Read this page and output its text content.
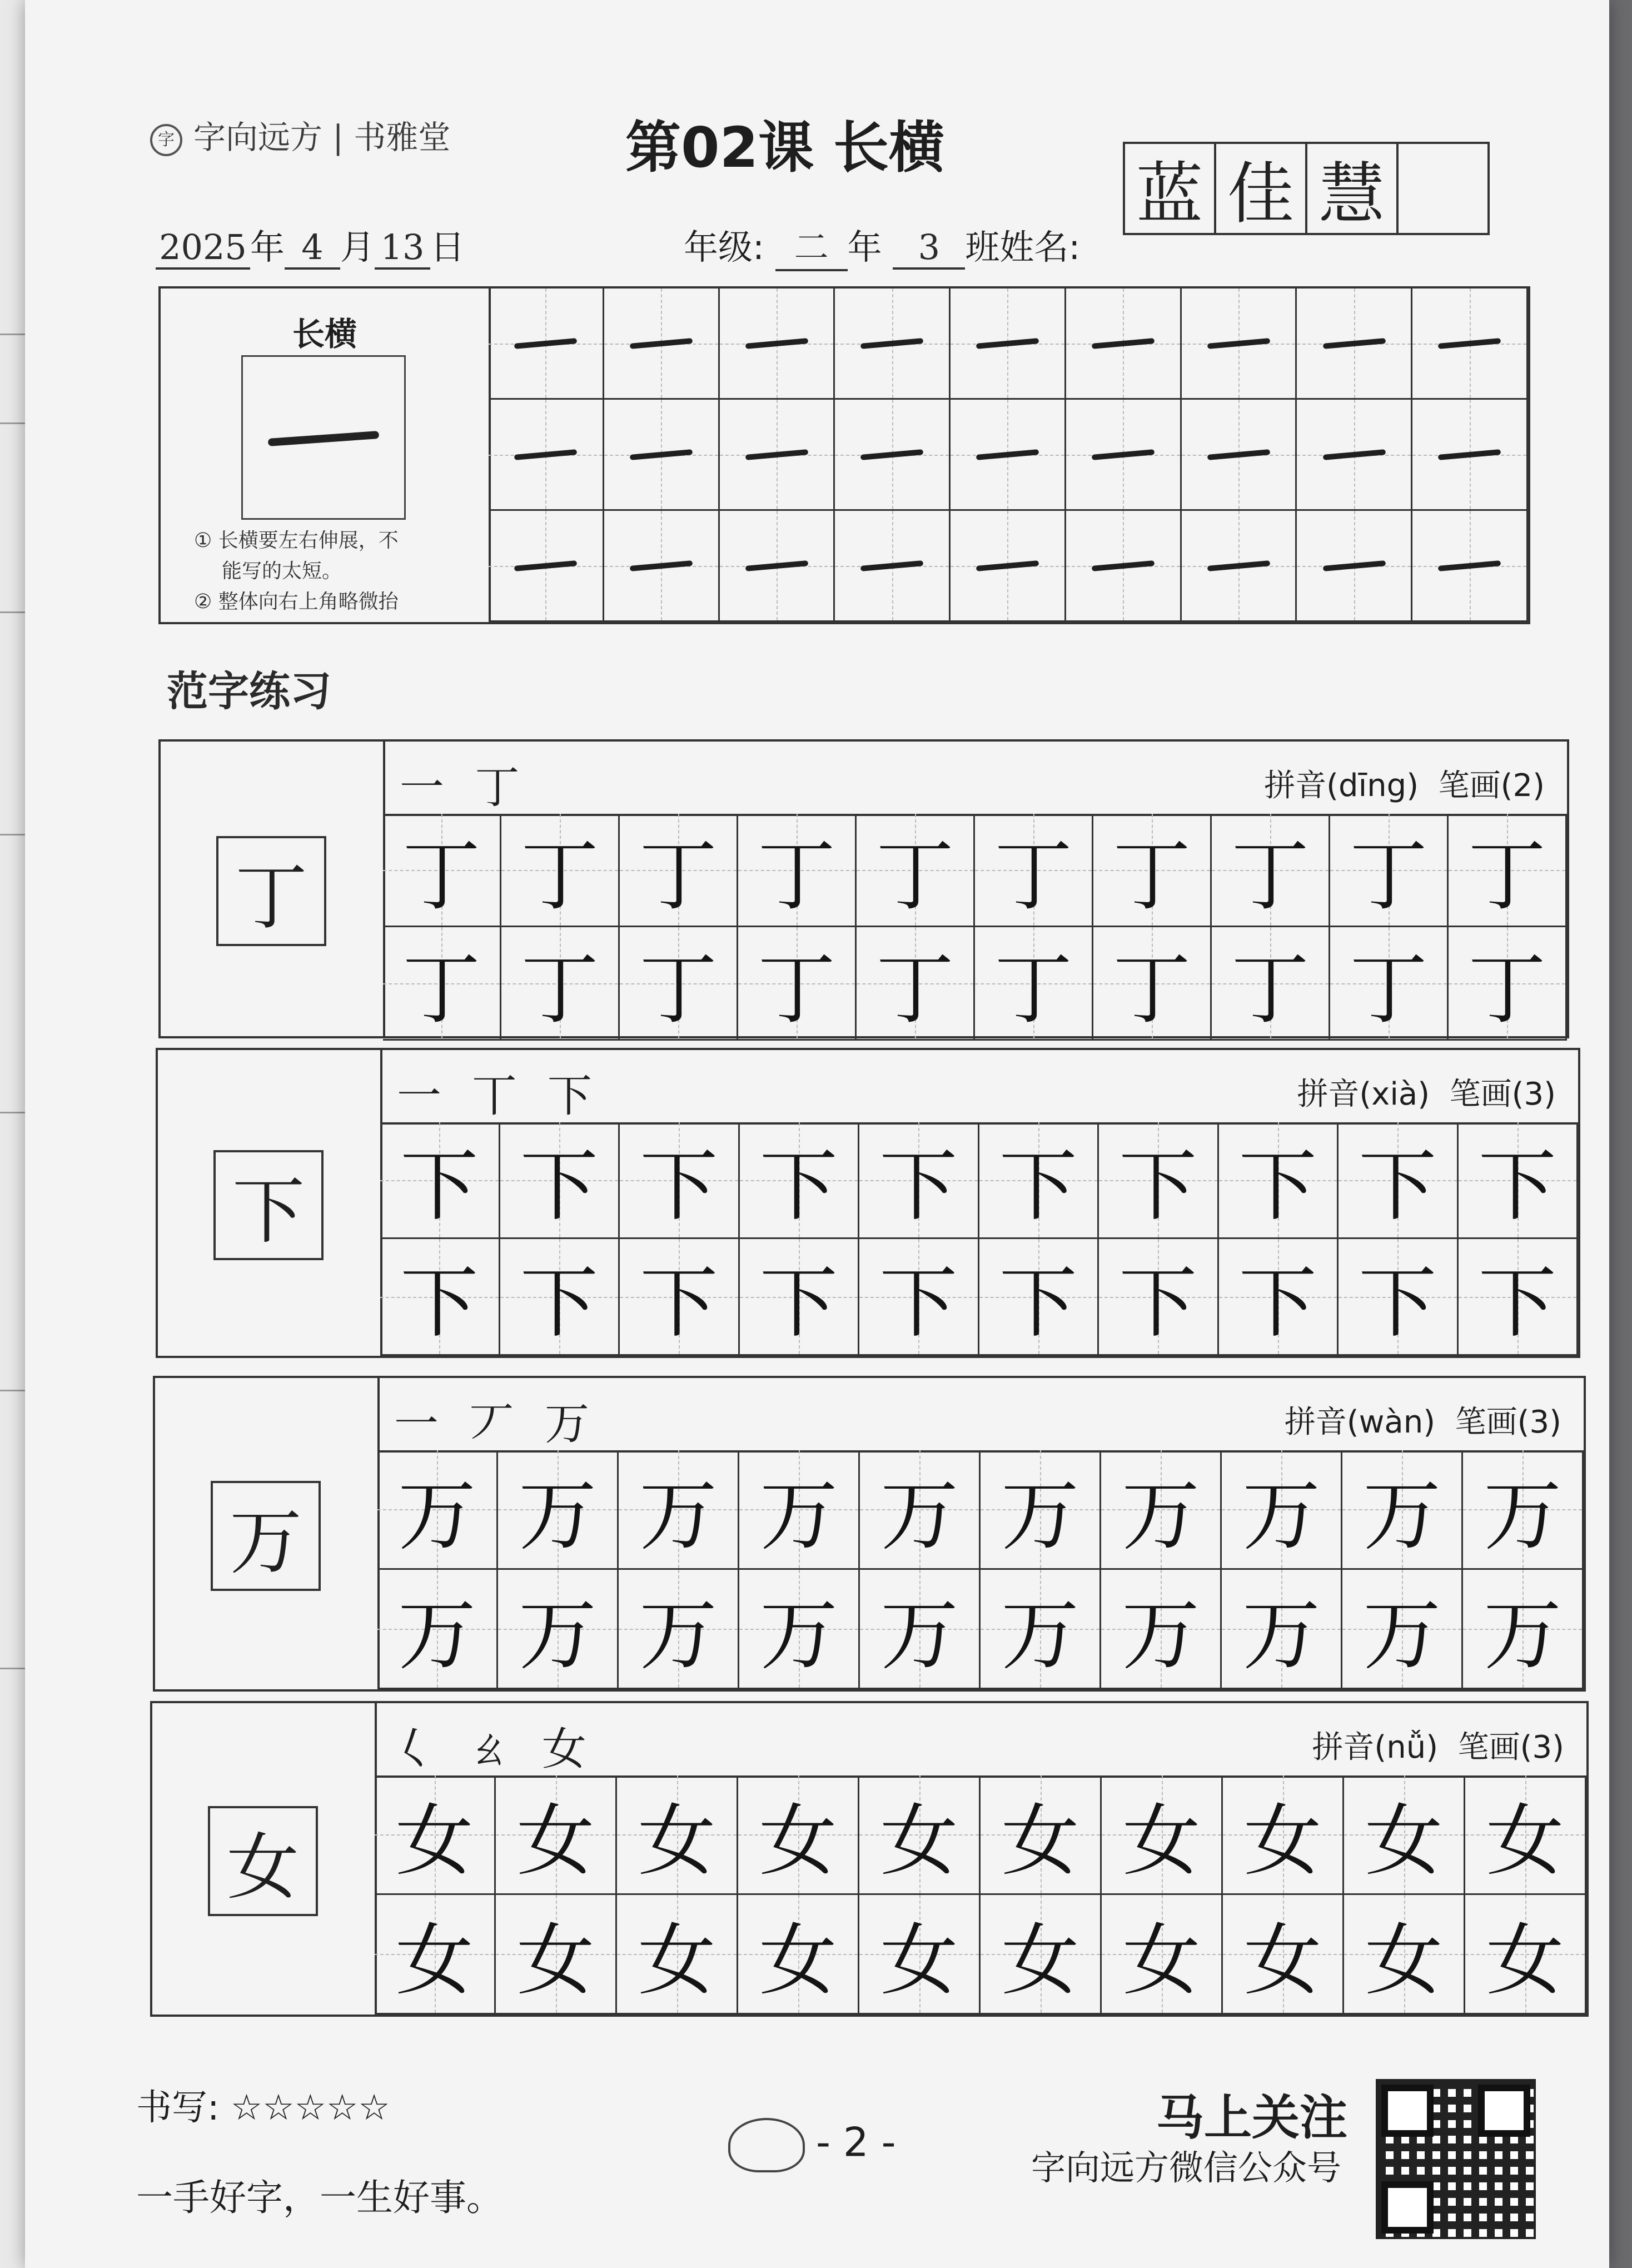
字 字向远方 | 书雅堂	第02课 长横
2025年 4 月 13 日	年级: 二 年 3 班姓名:
蓝 佳 慧
长横
① 长横要左右伸展，不
能写的太短。
② 整体向右上角略微抬
范字练习
丁
一 丁	拼音(dīng)  笔画(2)
丁 丁 丁 丁 丁 丁 丁 丁 丁 丁
丁 丁 丁 丁 丁 丁 丁 丁 丁 丁
下
一 丅 下	拼音(xià)  笔画(3)
下 下 下 下 下 下 下 下 下 下
下 下 下 下 下 下 下 下 下 下
万
一 丆 万	拼音(wàn)  笔画(3)
万 万 万 万 万 万 万 万 万 万
万 万 万 万 万 万 万 万 万 万
女
𡿨 ㄠ 女	拼音(nǚ)  笔画(3)
女 女 女 女 女 女 女 女 女 女
女 女 女 女 女 女 女 女 女 女
书写: ☆☆☆☆☆
一手好字，一生好事。
- 2 -	马上关注
字向远方微信公众号
